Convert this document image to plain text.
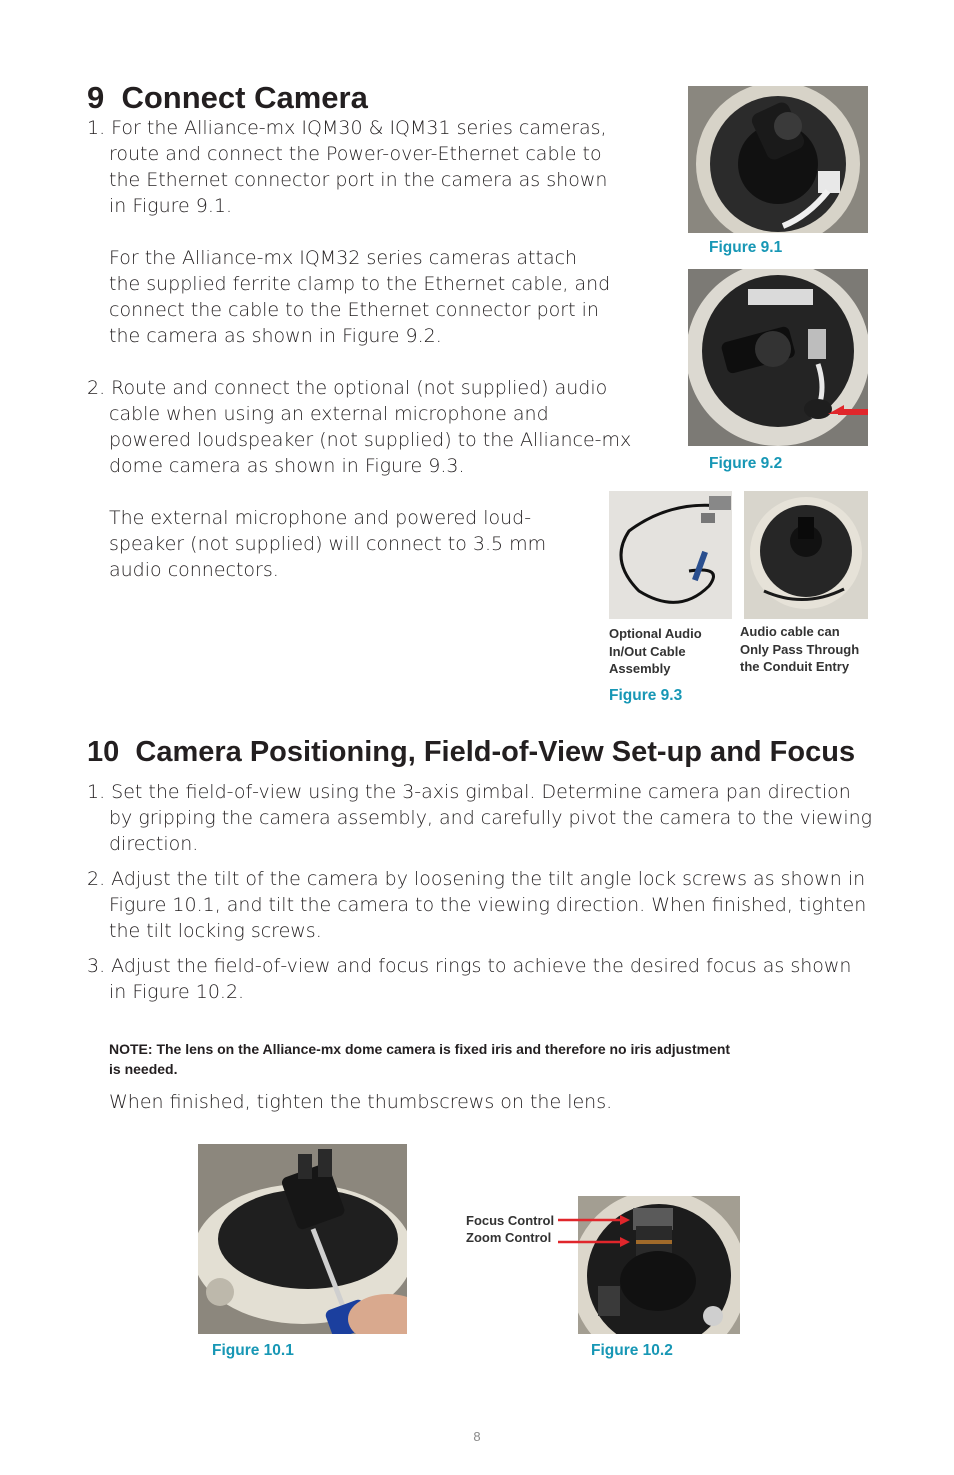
9  Connect Camera
1. For the Alliance-mx IQM30 & IQM31 series cameras,
route and connect the Power-over-Ethernet cable to
the Ethernet connector port in the camera as shown
in Figure 9.1.
For the Alliance-mx IQM32 series cameras attach
the supplied ferrite clamp to the Ethernet cable, and
connect the cable to the Ethernet connector port in
the camera as shown in Figure 9.2.
2. Route and connect the optional (not supplied) audio
cable when using an external microphone and
powered loudspeaker (not supplied) to the Alliance-mx
dome camera as shown in Figure 9.3.
The external microphone and powered loud-
speaker (not supplied) will connect to 3.5 mm
audio connectors.
Figure 9.1
Figure 9.2
Optional Audio
In/Out Cable
Assembly
Audio cable can
Only Pass Through
the Conduit Entry
Figure 9.3
10  Camera Positioning, Field-of-View Set-up and Focus
1. Set the field-of-view using the 3-axis gimbal. Determine camera pan direction
by gripping the camera assembly, and carefully pivot the camera to the viewing
direction.
2. Adjust the tilt of the camera by loosening the tilt angle lock screws as shown in
Figure 10.1, and tilt the camera to the viewing direction. When finished, tighten
the tilt locking screws.
3. Adjust the field-of-view and focus rings to achieve the desired focus as shown
in Figure 10.2.
NOTE: The lens on the Alliance-mx dome camera is fixed iris and therefore no iris adjustment
is needed.
When finished, tighten the thumbscrews on the lens.
Figure 10.1
Focus Control
Zoom Control
Figure 10.2
8
